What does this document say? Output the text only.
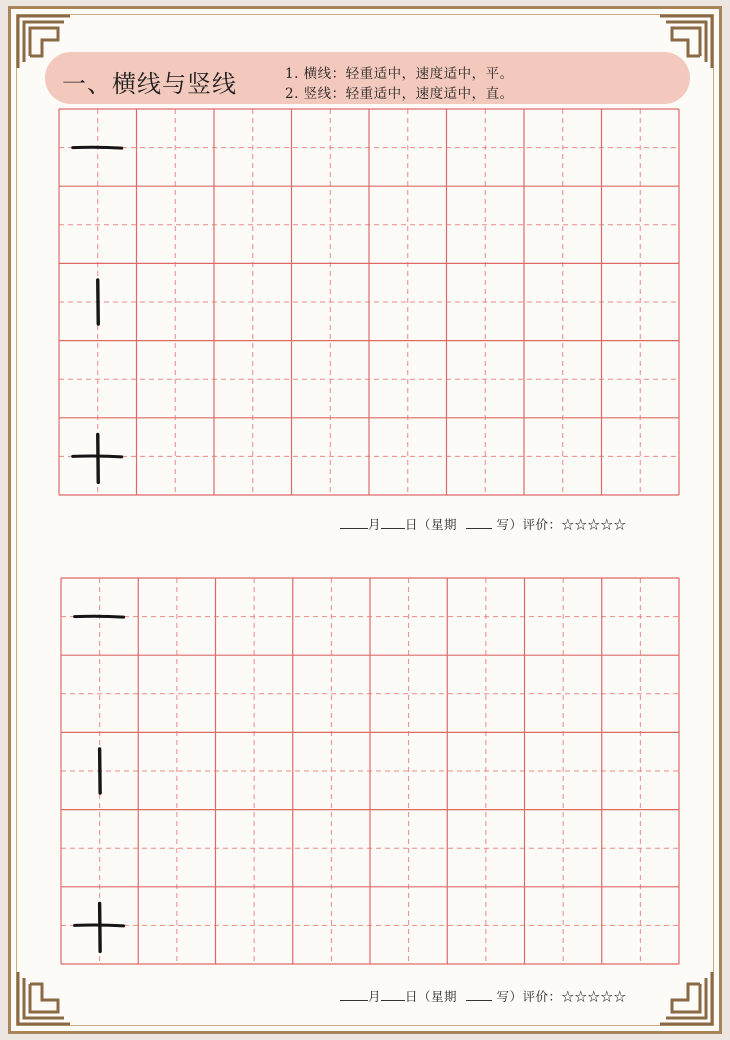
一、横线与竖线	1. 横线：轻重适中，速度适中，平。
2. 竖线：轻重适中，速度适中，直。
月 日（星期	写）评价：☆☆☆☆☆
月 日（星期	写）评价：☆☆☆☆☆
